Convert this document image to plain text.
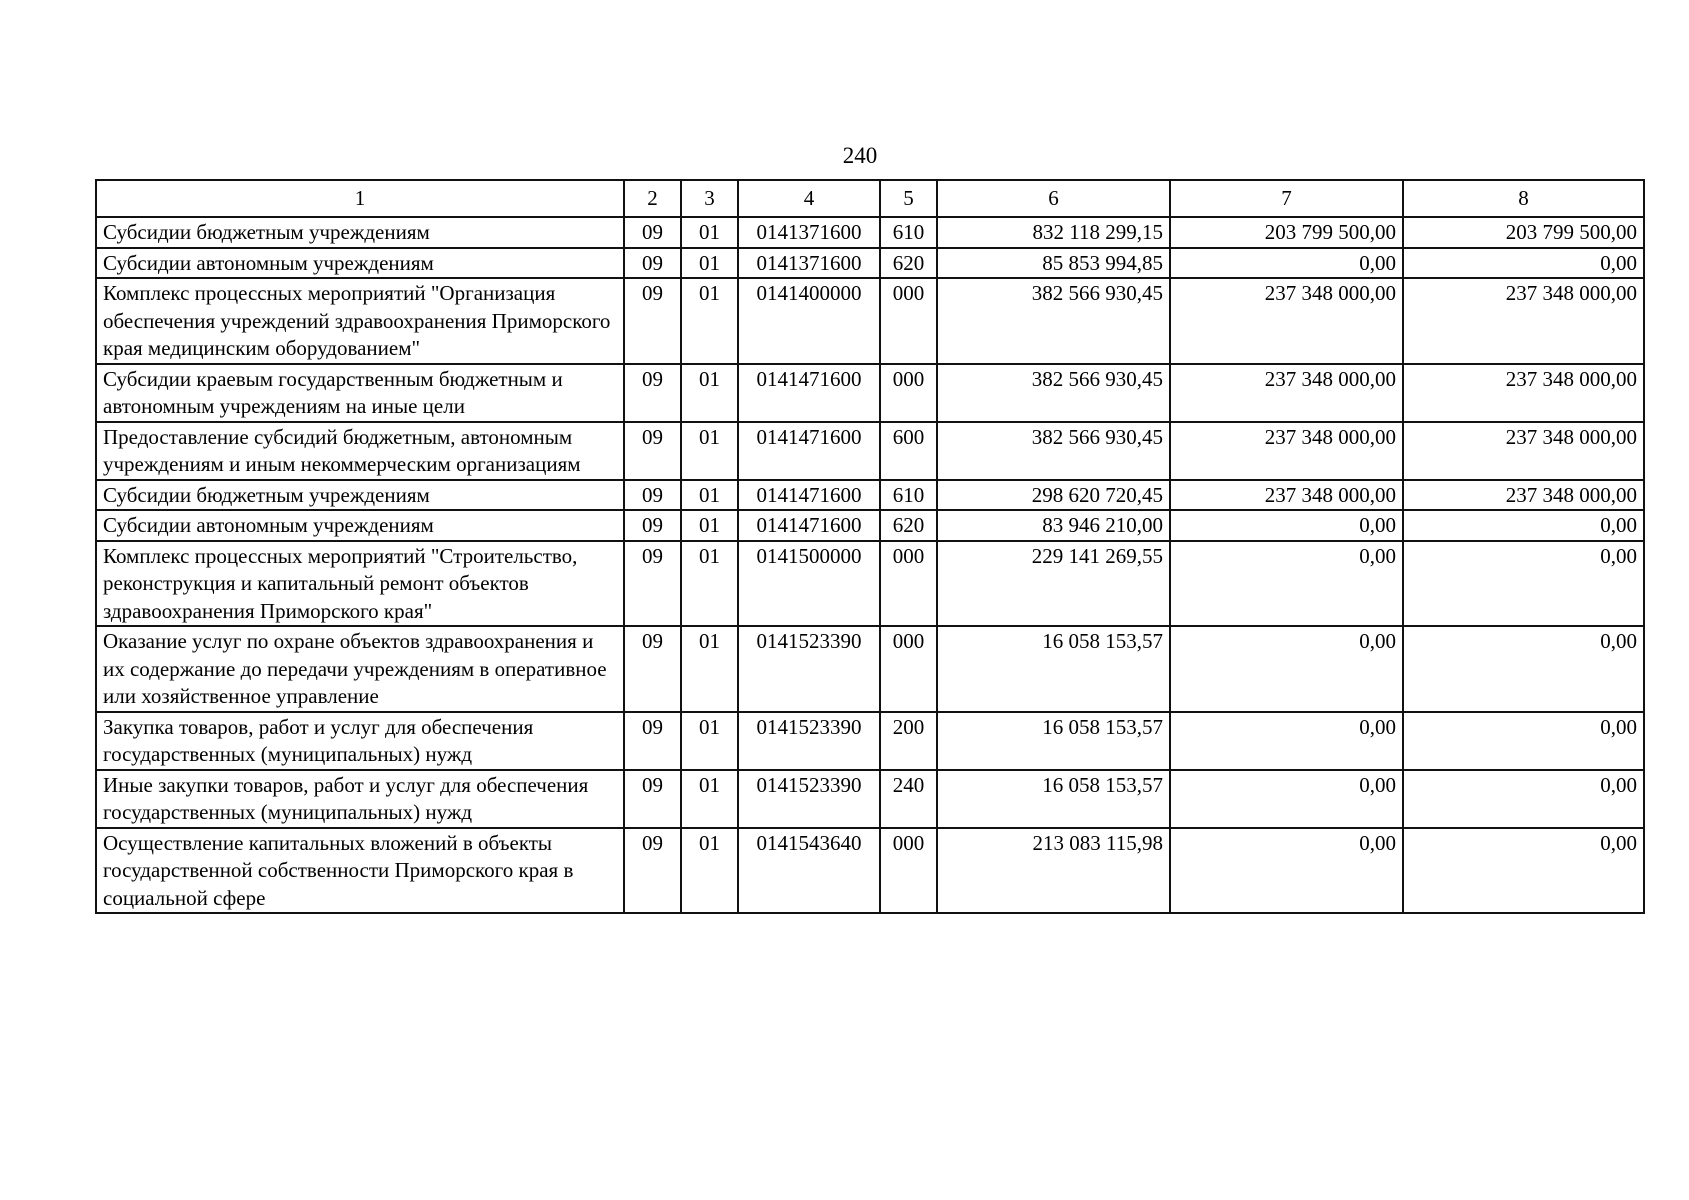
240
1	2	3	4	5	6	7	8
Субсидии бюджетным учреждениям	09	01	0141371600	610	832 118 299,15	203 799 500,00	203 799 500,00
Субсидии автономным учреждениям	09	01	0141371600	620	85 853 994,85	0,00	0,00
Комплекс процессных мероприятий "Организация обеспечения учреждений здравоохранения Приморского края медицинским оборудованием"	09	01	0141400000	000	382 566 930,45	237 348 000,00	237 348 000,00
Субсидии краевым государственным бюджетным и автономным учреждениям на иные цели	09	01	0141471600	000	382 566 930,45	237 348 000,00	237 348 000,00
Предоставление субсидий бюджетным, автономным учреждениям и иным некоммерческим организациям	09	01	0141471600	600	382 566 930,45	237 348 000,00	237 348 000,00
Субсидии бюджетным учреждениям	09	01	0141471600	610	298 620 720,45	237 348 000,00	237 348 000,00
Субсидии автономным учреждениям	09	01	0141471600	620	83 946 210,00	0,00	0,00
Комплекс процессных мероприятий "Строительство, реконструкция и капитальный ремонт объектов здравоохранения Приморского края"	09	01	0141500000	000	229 141 269,55	0,00	0,00
Оказание услуг по охране объектов здравоохранения и их содержание до передачи учреждениям в оперативное или хозяйственное управление	09	01	0141523390	000	16 058 153,57	0,00	0,00
Закупка товаров, работ и услуг для обеспечения государственных (муниципальных) нужд	09	01	0141523390	200	16 058 153,57	0,00	0,00
Иные закупки товаров, работ и услуг для обеспечения государственных (муниципальных) нужд	09	01	0141523390	240	16 058 153,57	0,00	0,00
Осуществление капитальных вложений в объекты государственной собственности Приморского края в социальной сфере	09	01	0141543640	000	213 083 115,98	0,00	0,00
